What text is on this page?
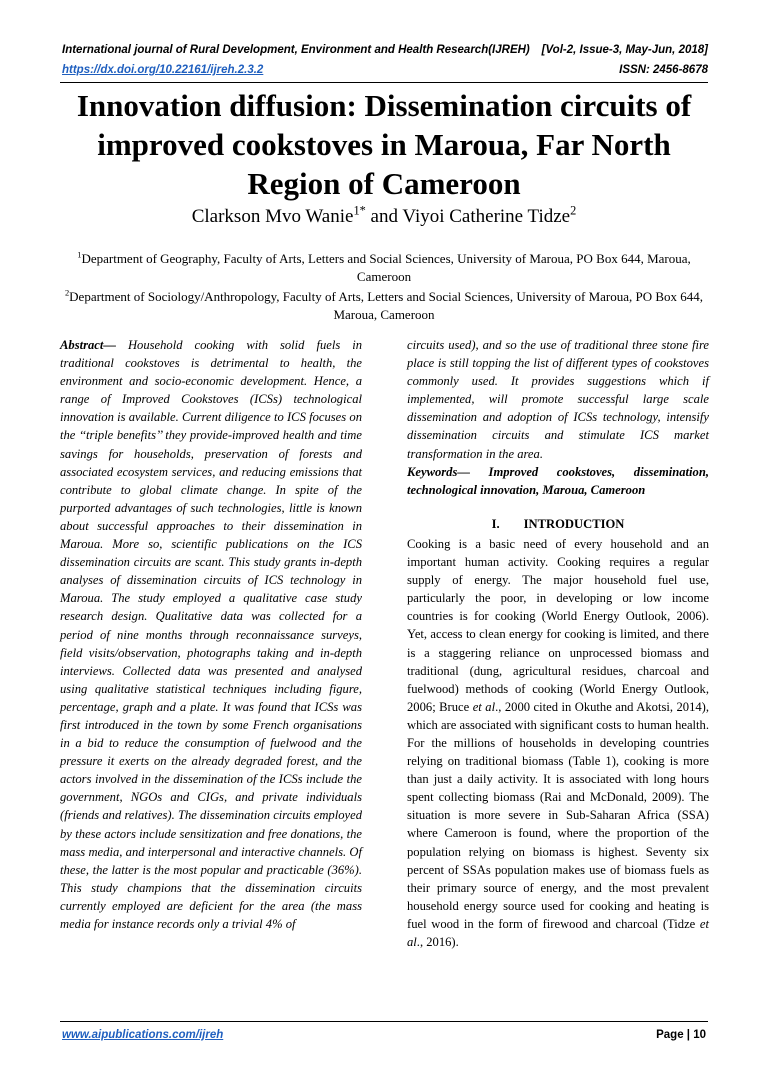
International journal of Rural Development, Environment and Health Research(IJREH) [Vol-2, Issue-3, May-Jun, 2018]
https://dx.doi.org/10.22161/ijreh.2.3.2	ISSN: 2456-8678
Innovation diffusion: Dissemination circuits of improved cookstoves in Maroua, Far North Region of Cameroon
Clarkson Mvo Wanie$^{1*}$ and Viyoi Catherine Tidze$^2$
$^1$Department of Geography, Faculty of Arts, Letters and Social Sciences, University of Maroua, PO Box 644, Maroua, Cameroon
$^2$Department of Sociology/Anthropology, Faculty of Arts, Letters and Social Sciences, University of Maroua, PO Box 644, Maroua, Cameroon

Abstract— Household cooking with solid fuels in traditional cookstoves is detrimental to health, the environment and socio-economic development. Hence, a range of Improved Cookstoves (ICSs) technological innovation is available. Current diligence to ICS focuses on the ‘‘triple benefits’’ they provide-improved health and time savings for households, preservation of forests and associated ecosystem services, and reducing emissions that contribute to global climate change. In spite of the purported advantages of such technologies, little is known about successful approaches to their dissemination in Maroua. More so, scientific publications on the ICS dissemination circuits are scant. This study grants in-depth analyses of dissemination circuits of ICS technology in Maroua. The study employed a qualitative case study research design. Qualitative data was collected for a period of nine months through reconnaissance surveys, field visits/observation, photographs taking and in-depth interviews. Collected data was presented and analysed using qualitative statistical techniques including figure, percentage, graph and a plate. It was found that ICSs was first introduced in the town by some French organisations in a bid to reduce the consumption of fuelwood and the pressure it exerts on the already degraded forest, and the actors involved in the dissemination of the ICSs include the government, NGOs and CIGs, and private individuals (friends and relatives). The dissemination circuits employed by these actors include sensitization and free donations, the mass media, and interpersonal and interactive channels. Of these, the latter is the most popular and practicable (36%). This study champions that the dissemination circuits currently employed are deficient for the area (the mass media for instance records only a trivial 4% of

circuits used), and so the use of traditional three stone fire place is still topping the list of different types of cookstoves commonly used. It provides suggestions which if implemented, will promote successful large scale dissemination and adoption of ICSs technology, intensify dissemination circuits and stimulate ICS market transformation in the area.

Keywords— Improved cookstoves, dissemination, technological innovation, Maroua, Cameroon

I. INTRODUCTION

Cooking is a basic need of every household and an important human activity. Cooking requires a regular supply of energy. The major household fuel use, particularly the poor, in developing or low income countries is for cooking (World Energy Outlook, 2006). Yet, access to clean energy for cooking is limited, and there is a staggering reliance on unprocessed biomass and traditional (dung, agricultural residues, charcoal and fuelwood) methods of cooking (World Energy Outlook, 2006; Bruce et al., 2000 cited in Okuthe and Akotsi, 2014), which are associated with significant costs to human health. For the millions of households in developing countries relying on traditional biomass (Table 1), cooking is more than just a daily activity. It is associated with long hours spent collecting biomass (Rai and McDonald, 2009). The situation is more severe in Sub-Saharan Africa (SSA) where Cameroon is found, where the proportion of the population relying on biomass is highest. Seventy six percent of SSAs population makes use of biomass fuels as their primary source of energy, and the most prevalent household energy source used for cooking and heating is fuel wood in the form of firewood and charcoal (Tidze et al., 2016).

www.aipublications.com/ijreh	Page | 10
